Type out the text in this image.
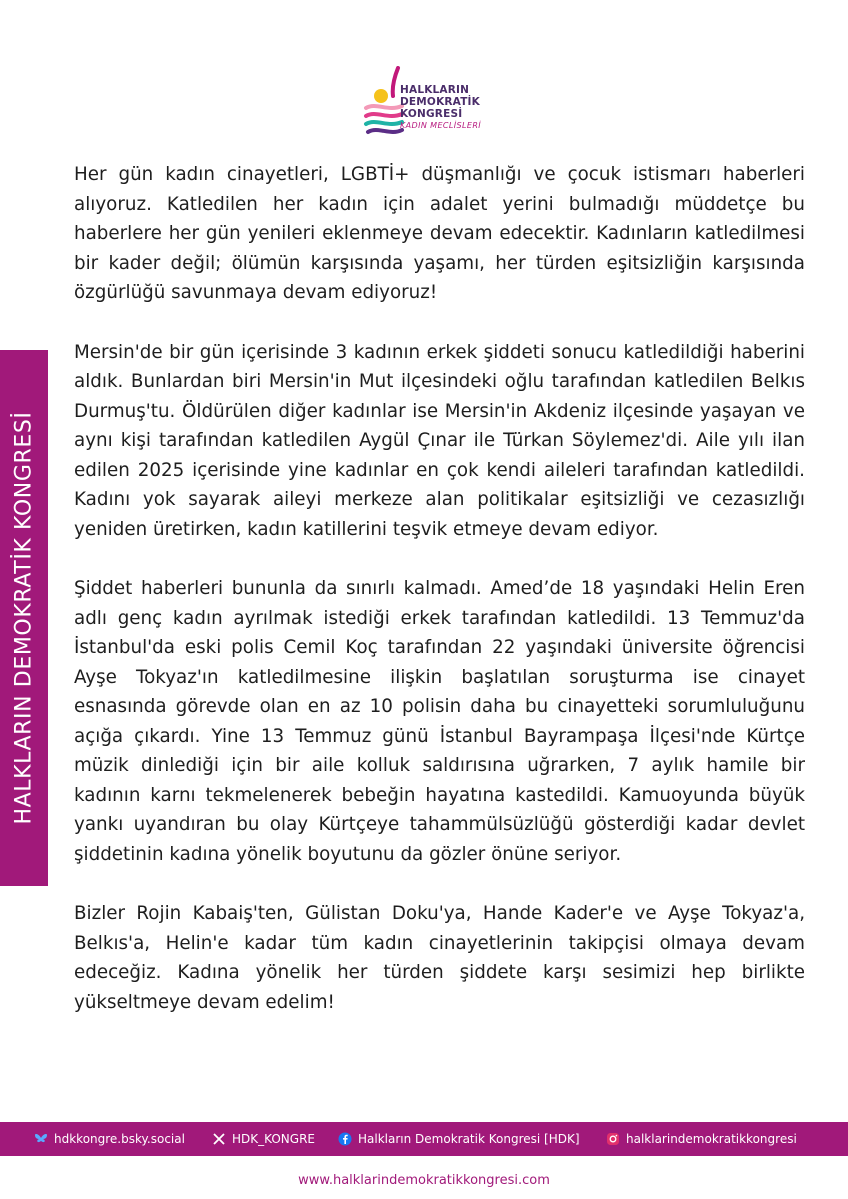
HALKLARIN
DEMOKRATİK
KONGRESİ
KADIN MECLİSLERİ
HALKLARIN DEMOKRATİK KONGRESİ

Her gün kadın cinayetleri, LGBTİ+ düşmanlığı ve çocuk istismarı haberleri alıyoruz. Katledilen her kadın için adalet yerini bulmadığı müddetçe bu haberlere her gün yenileri eklenmeye devam edecektir. Kadınların katledilmesi bir kader değil; ölümün karşısında yaşamı, her türden eşitsizliğin karşısında özgürlüğü savunmaya devam ediyoruz!

Mersin'de bir gün içerisinde 3 kadının erkek şiddeti sonucu katledildiği haberini aldık. Bunlardan biri Mersin'in Mut ilçesindeki oğlu tarafından katledilen Belkıs Durmuş'tu. Öldürülen diğer kadınlar ise Mersin'in Akdeniz ilçesinde yaşayan ve aynı kişi tarafından katledilen Aygül Çınar ile Türkan Söylemez'di. Aile yılı ilan edilen 2025 içerisinde yine kadınlar en çok kendi aileleri tarafından katledildi. Kadını yok sayarak aileyi merkeze alan politikalar eşitsizliği ve cezasızlığı yeniden üretirken, kadın katillerini teşvik etmeye devam ediyor.

Şiddet haberleri bununla da sınırlı kalmadı. Amed’de 18 yaşındaki Helin Eren adlı genç kadın ayrılmak istediği erkek tarafından katledildi. 13 Temmuz'da İstanbul'da eski polis Cemil Koç tarafından 22 yaşındaki üniversite öğrencisi Ayşe Tokyaz'ın katledilmesine ilişkin başlatılan soruşturma ise cinayet esnasında görevde olan en az 10 polisin daha bu cinayetteki sorumluluğunu açığa çıkardı. Yine 13 Temmuz günü İstanbul Bayrampaşa İlçesi'nde Kürtçe müzik dinlediği için bir aile kolluk saldırısına uğrarken, 7 aylık hamile bir kadının karnı tekmelenerek bebeğin hayatına kastedildi. Kamuoyunda büyük yankı uyandıran bu olay Kürtçeye tahammülsüzlüğü gösterdiği kadar devlet şiddetinin kadına yönelik boyutunu da gözler önüne seriyor.

Bizler Rojin Kabaiş'ten, Gülistan Doku'ya, Hande Kader'e ve Ayşe Tokyaz'a, Belkıs'a, Helin'e kadar tüm kadın cinayetlerinin takipçisi olmaya devam edeceğiz. Kadına yönelik her türden şiddete karşı sesimizi hep birlikte yükseltmeye devam edelim!

hdkkongre.bsky.social	HDK_KONGRE	Halkların Demokratik Kongresi [HDK]	halklarindemokratikkongresi
www.halklarindemokratikkongresi.com
